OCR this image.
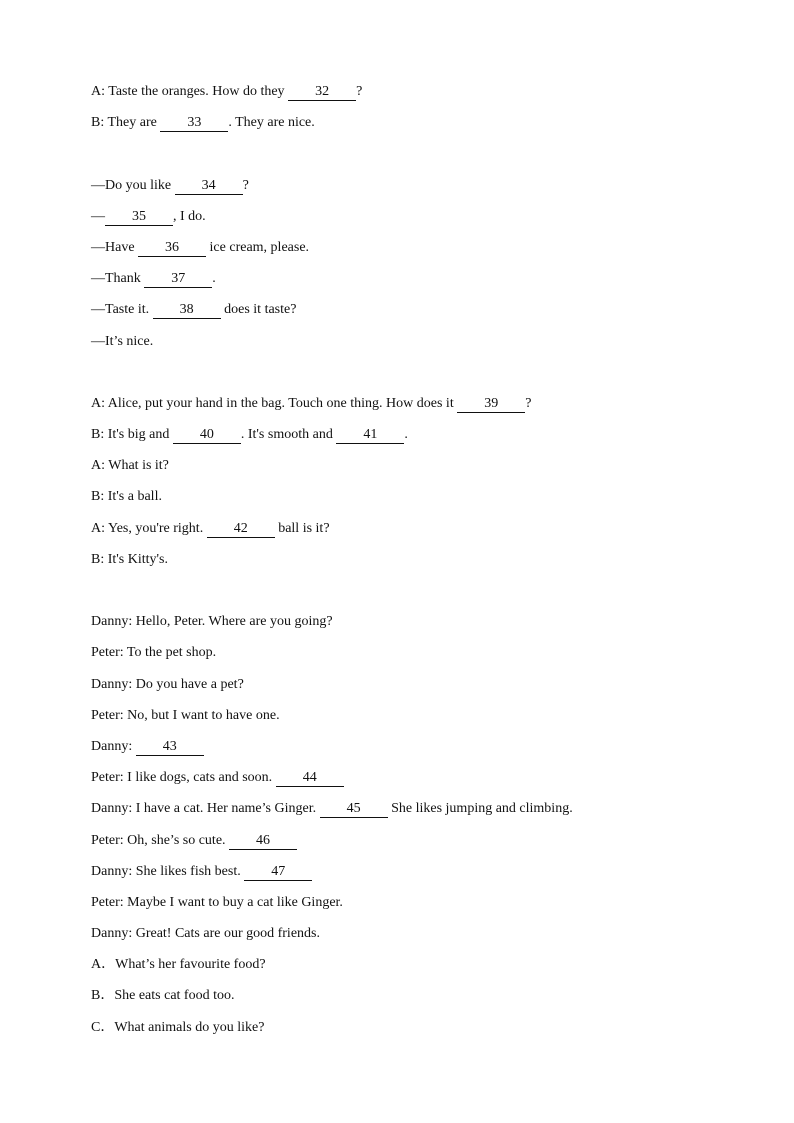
A: Taste the oranges. How do they 32 ?
B: They are 33 . They are nice.
—Do you like 34 ?
— 35 , I do.
—Have 36 ice cream, please.
—Thank 37 .
—Taste it. 38 does it taste?
—It’s nice.
A: Alice, put your hand in the bag. Touch one thing. How does it 39 ?
B: It's big and 40 . It's smooth and 41 .
A: What is it?
B: It's a ball.
A: Yes, you're right. 42 ball is it?
B: It's Kitty's.
Danny: Hello, Peter. Where are you going?
Peter: To the pet shop.
Danny: Do you have a pet?
Peter: No, but I want to have one.
Danny: 43
Peter: I like dogs, cats and soon. 44
Danny: I have a cat. Her name’s Ginger. 45 She likes jumping and climbing.
Peter: Oh, she’s so cute. 46
Danny: She likes fish best. 47
Peter: Maybe I want to buy a cat like Ginger.
Danny: Great! Cats are our good friends.
A．What’s her favourite food?
B．She eats cat food too.
C．What animals do you like?
